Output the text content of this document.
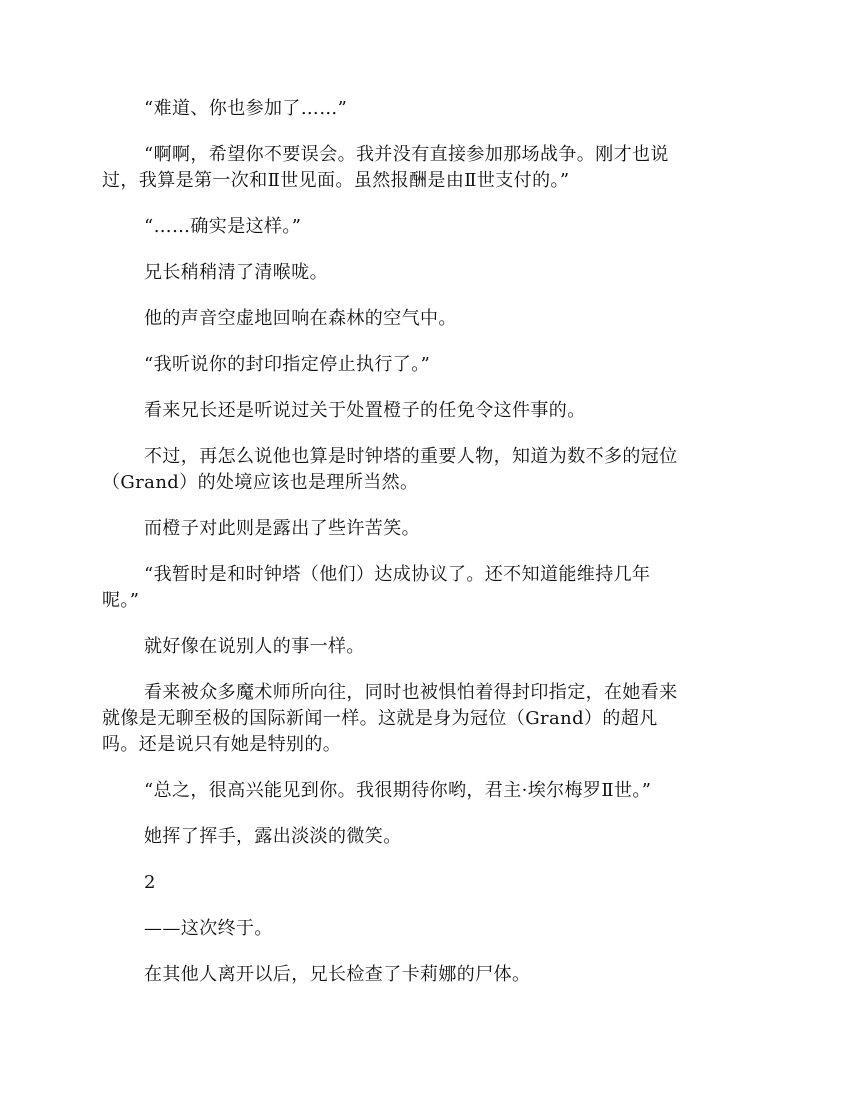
“难道、你也参加了……”

“啊啊，希望你不要误会。我并没有直接参加那场战争。刚才也说
过，我算是第一次和Ⅱ世见面。虽然报酬是由Ⅱ世支付的。”

“……确实是这样。”

兄长稍稍清了清喉咙。

他的声音空虚地回响在森林的空气中。

“我听说你的封印指定停止执行了。”

看来兄长还是听说过关于处置橙子的任免令这件事的。

不过，再怎么说他也算是时钟塔的重要人物，知道为数不多的冠位
（Grand）的处境应该也是理所当然。

而橙子对此则是露出了些许苦笑。

“我暂时是和时钟塔（他们）达成协议了。还不知道能维持几年
呢。”

就好像在说别人的事一样。

看来被众多魔术师所向往，同时也被惧怕着得封印指定，在她看来
就像是无聊至极的国际新闻一样。这就是身为冠位（Grand）的超凡
吗。还是说只有她是特别的。

“总之，很高兴能见到你。我很期待你哟，君主·埃尔梅罗Ⅱ世。”

她挥了挥手，露出淡淡的微笑。

2

——这次终于。

在其他人离开以后，兄长检查了卡莉娜的尸体。
